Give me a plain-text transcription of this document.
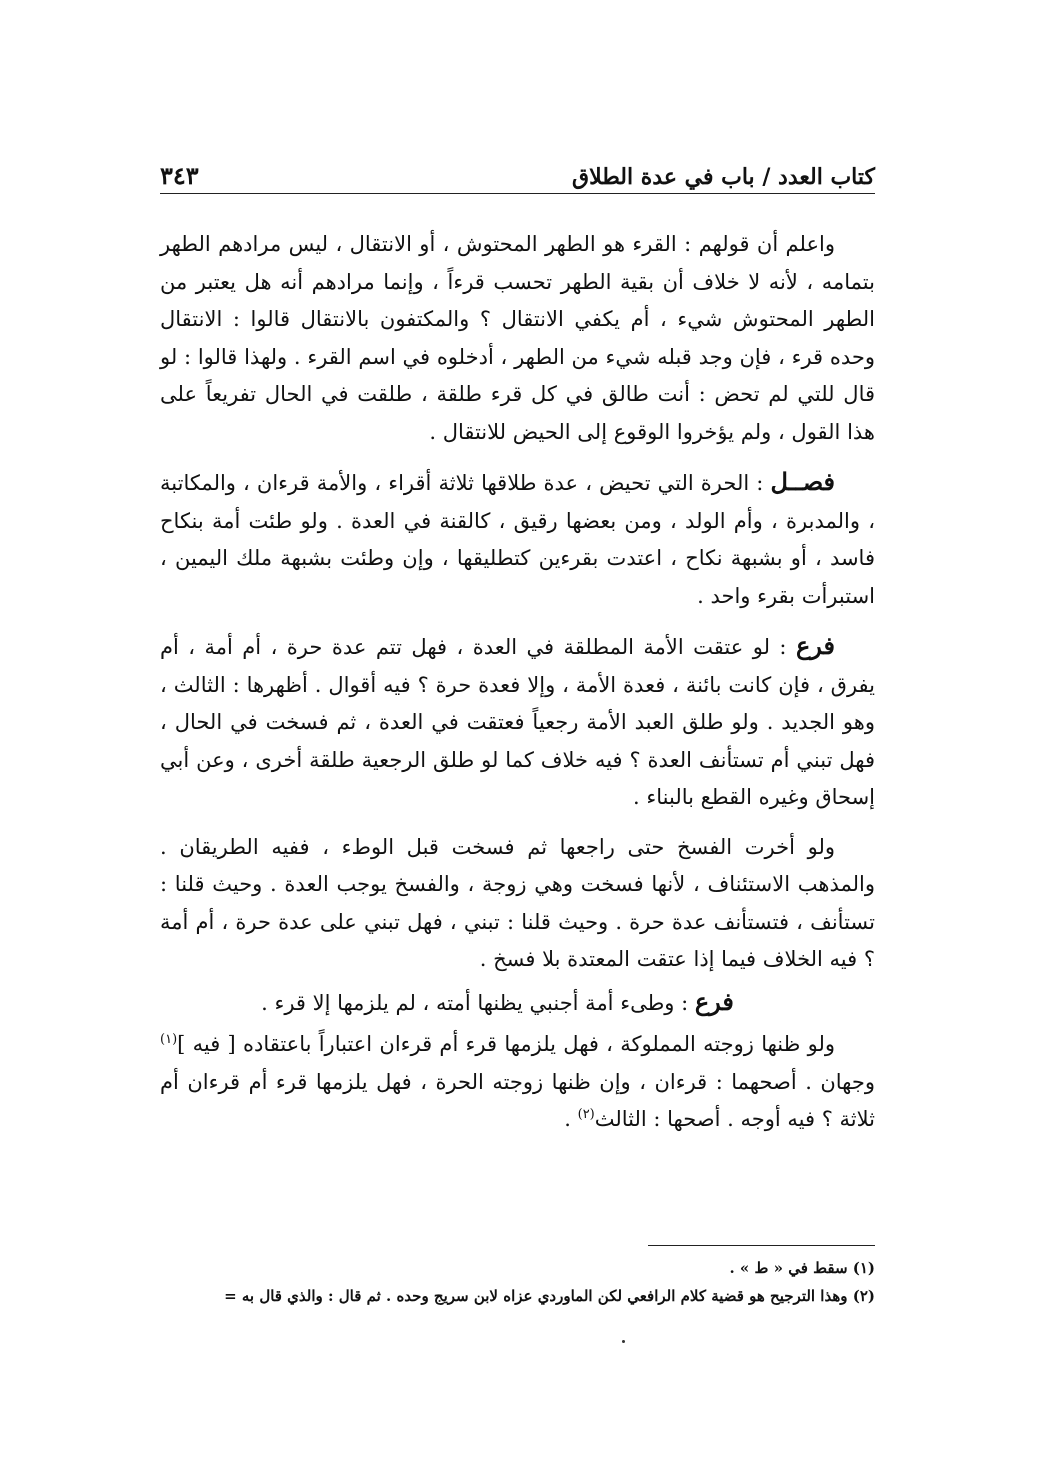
كتاب العدد / باب في عدة الطلاق
٣٤٣

واعلم أن قولهم : القرء هو الطهر المحتوش ، أو الانتقال ، ليس مرادهم الطهر بتمامه ، لأنه لا خلاف أن بقية الطهر تحسب قرءاً ، وإنما مرادهم أنه هل يعتبر من الطهر المحتوش شيء ، أم يكفي الانتقال ؟ والمكتفون بالانتقال قالوا : الانتقال وحده قرء ، فإن وجد قبله شيء من الطهر ، أدخلوه في اسم القرء . ولهذا قالوا : لو قال للتي لم تحض : أنت طالق في كل قرء طلقة ، طلقت في الحال تفريعاً على هذا القول ، ولم يؤخروا الوقوع إلى الحيض للانتقال .

فصــل : الحرة التي تحيض ، عدة طلاقها ثلاثة أقراء ، والأمة قرءان ، والمكاتبة ، والمدبرة ، وأم الولد ، ومن بعضها رقيق ، كالقنة في العدة . ولو طئت أمة بنكاح فاسد ، أو بشبهة نكاح ، اعتدت بقرءين كتطليقها ، وإن وطئت بشبهة ملك اليمين ، استبرأت بقرء واحد .

فرع : لو عتقت الأمة المطلقة في العدة ، فهل تتم عدة حرة ، أم أمة ، أم يفرق ، فإن كانت بائنة ، فعدة الأمة ، وإلا فعدة حرة ؟ فيه أقوال . أظهرها : الثالث ، وهو الجديد . ولو طلق العبد الأمة رجعياً فعتقت في العدة ، ثم فسخت في الحال ، فهل تبني أم تستأنف العدة ؟ فيه خلاف كما لو طلق الرجعية طلقة أخرى ، وعن أبي إسحاق وغيره القطع بالبناء .

ولو أخرت الفسخ حتى راجعها ثم فسخت قبل الوطء ، ففيه الطريقان . والمذهب الاستئناف ، لأنها فسخت وهي زوجة ، والفسخ يوجب العدة . وحيث قلنا : تستأنف ، فتستأنف عدة حرة . وحيث قلنا : تبني ، فهل تبني على عدة حرة ، أم أمة ؟ فيه الخلاف فيما إذا عتقت المعتدة بلا فسخ .

فرع : وطىء أمة أجنبي يظنها أمته ، لم يلزمها إلا قرء .

ولو ظنها زوجته المملوكة ، فهل يلزمها قرء أم قرءان اعتباراً باعتقاده [ فيه ]$^{(١)}$ وجهان . أصحهما : قرءان ، وإن ظنها زوجته الحرة ، فهل يلزمها قرء أم قرءان أم ثلاثة ؟ فيه أوجه . أصحها : الثالث$^{(٢)}$ .

(١) سقط في « ط » .
(٢) وهذا الترجيح هو قضية كلام الرافعي لكن الماوردي عزاه لابن سريج وحده . ثم قال : والذي قال به =
